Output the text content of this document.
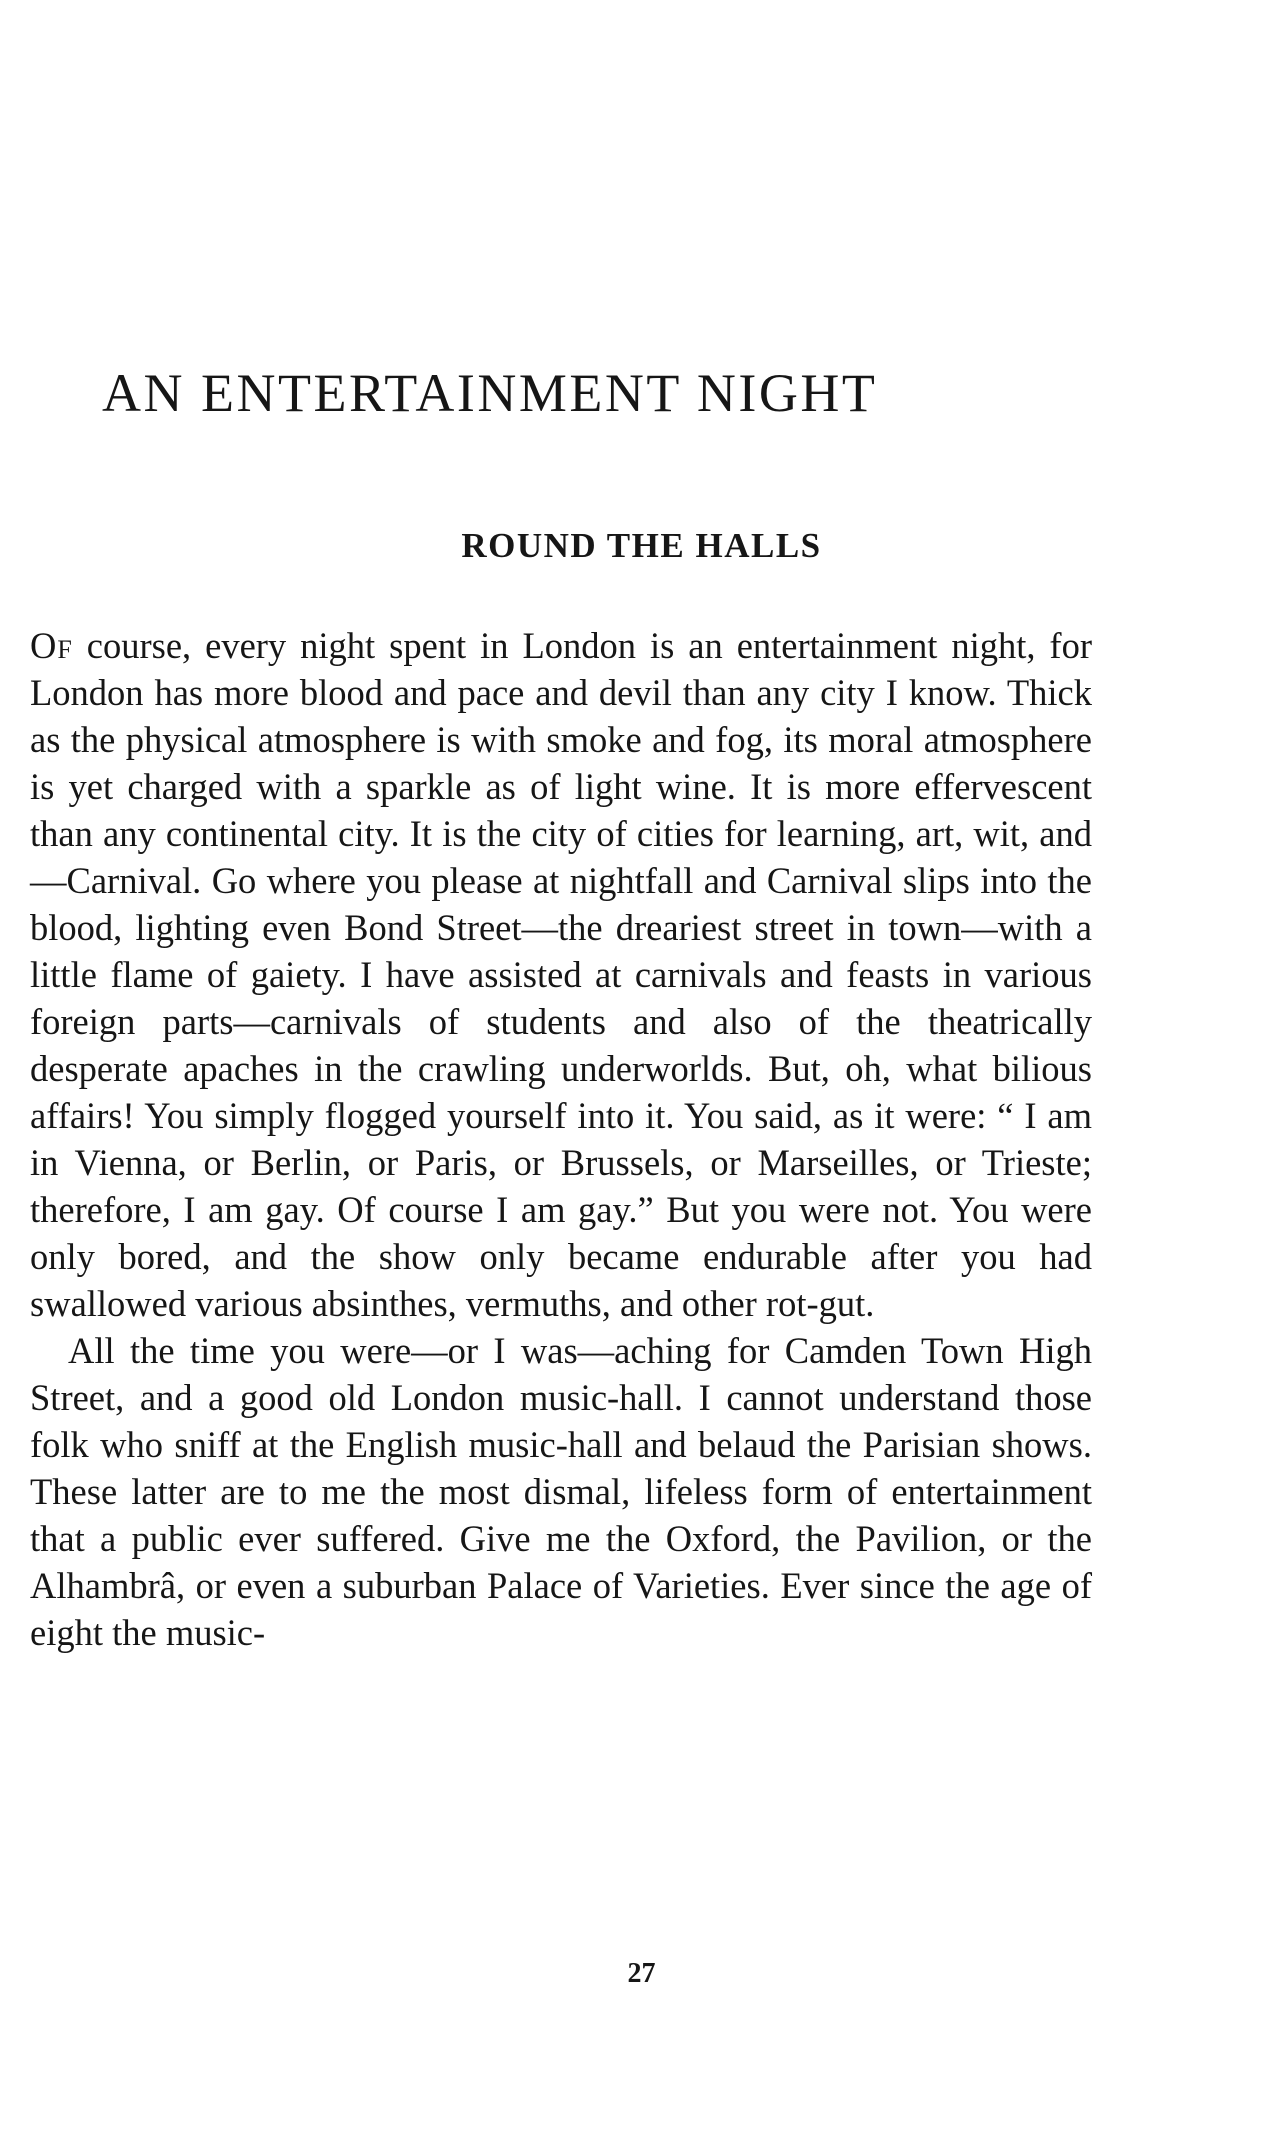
AN ENTERTAINMENT NIGHT
ROUND THE HALLS

Of course, every night spent in London is an entertainment night, for London has more blood and pace and devil than any city I know. Thick as the physical atmosphere is with smoke and fog, its moral atmosphere is yet charged with a sparkle as of light wine. It is more effervescent than any continental city. It is the city of cities for learning, art, wit, and—Carnival. Go where you please at nightfall and Carnival slips into the blood, lighting even Bond Street—the dreariest street in town—with a little flame of gaiety. I have assisted at carnivals and feasts in various foreign parts—carnivals of students and also of the theatrically desperate apaches in the crawling underworlds. But, oh, what bilious affairs! You simply flogged yourself into it. You said, as it were: “ I am in Vienna, or Berlin, or Paris, or Brussels, or Marseilles, or Trieste; therefore, I am gay. Of course I am gay.” But you were not. You were only bored, and the show only became endurable after you had swallowed various absinthes, vermuths, and other rot-gut.

All the time you were—or I was—aching for Camden Town High Street, and a good old London music-hall. I cannot understand those folk who sniff at the English music-hall and belaud the Parisian shows. These latter are to me the most dismal, lifeless form of entertainment that a public ever suffered. Give me the Oxford, the Pavilion, or the Alhambrâ, or even a suburban Palace of Varieties. Ever since the age of eight the music-

27
